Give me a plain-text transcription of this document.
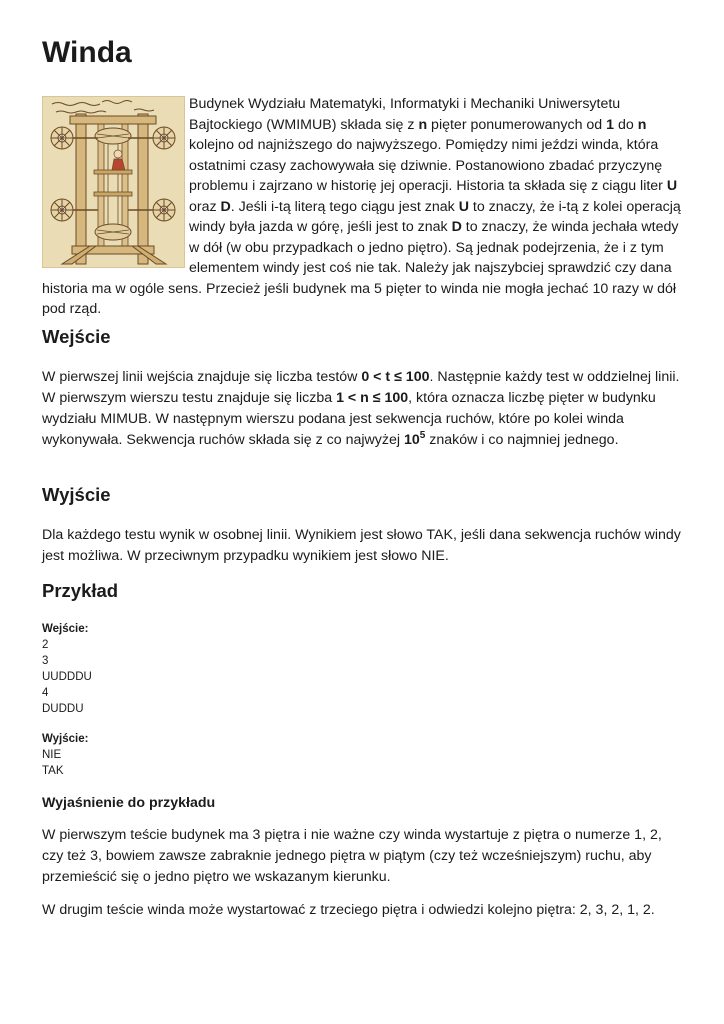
Winda

Budynek Wydziału Matematyki, Informatyki i Mechaniki Uniwersytetu Bajtockiego (WMIMUB) składa się z n pięter ponumerowanych od 1 do n kolejno od najniższego do najwyższego. Pomiędzy nimi jeździ winda, która ostatnimi czasy zachowywała się dziwnie. Postanowiono zbadać przyczynę problemu i zajrzano w historię jej operacji. Historia ta składa się z ciągu liter U oraz D. Jeśli i-tą literą tego ciągu jest znak U to znaczy, że i-tą z kolei operacją windy była jazda w górę, jeśli jest to znak D to znaczy, że winda jechała wtedy w dół (w obu przypadkach o jedno piętro). Są jednak podejrzenia, że i z tym elementem windy jest coś nie tak. Należy jak najszybciej sprawdzić czy dana historia ma w ogóle sens. Przecież jeśli budynek ma 5 pięter to winda nie mogła jechać 10 razy w dół pod rząd.

Wejście

W pierwszej linii wejścia znajduje się liczba testów 0 < t ≤ 100. Następnie każdy test w oddzielnej linii. W pierwszym wierszu testu znajduje się liczba 1 < n ≤ 100, która oznacza liczbę pięter w budynku wydziału MIMUB. W następnym wierszu podana jest sekwencja ruchów, które po kolei winda wykonywała. Sekwencja ruchów składa się z co najwyżej $10^5$ znaków i co najmniej jednego.

Wyjście

Dla każdego testu wynik w osobnej linii. Wynikiem jest słowo TAK, jeśli dana sekwencja ruchów windy jest możliwa. W przeciwnym przypadku wynikiem jest słowo NIE.

Przykład

Wejście:

2

3

UUDDDU

4

DUDDU

Wyjście:

NIE

TAK

Wyjaśnienie do przykładu

W pierwszym teście budynek ma 3 piętra i nie ważne czy winda wystartuje z piętra o numerze 1, 2, czy też 3, bowiem zawsze zabraknie jednego piętra w piątym (czy też wcześniejszym) ruchu, aby przemieścić się o jedno piętro we wskazanym kierunku.

W drugim teście winda może wystartować z trzeciego piętra i odwiedzi kolejno piętra: 2, 3, 2, 1, 2.
